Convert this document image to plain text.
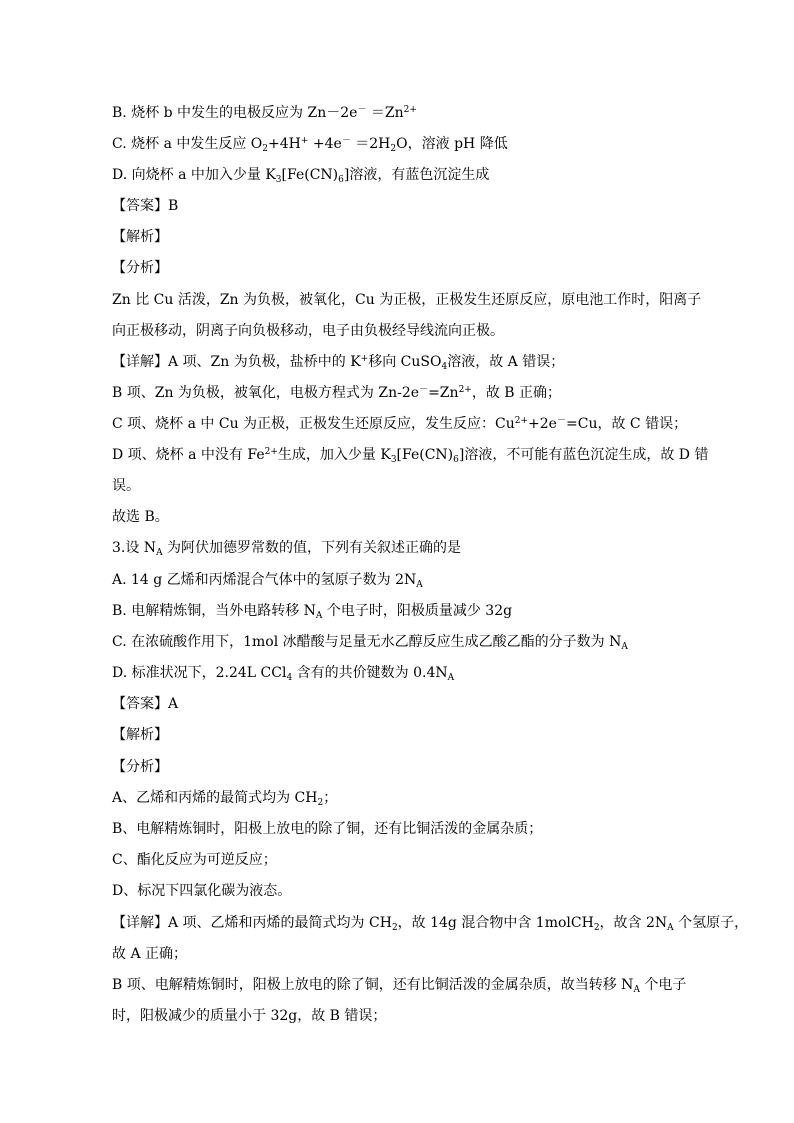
B. 烧杯 b 中发生的电极反应为 $Zn-2e^- =Zn^{2+}$
C. 烧杯 a 中发生反应 $O_2+4H^+ +4e^- =2H_2O$，溶液 pH 降低
D. 向烧杯 a 中加入少量 $K_3[Fe(CN)_6]$溶液，有蓝色沉淀生成
【答案】B
【解析】
【分析】
Zn 比 Cu 活泼，Zn 为负极，被氧化，Cu 为正极，正极发生还原反应，原电池工作时，阳离子
向正极移动，阴离子向负极移动，电子由负极经导线流向正极。
【详解】A 项、Zn 为负极，盐桥中的 K+移向 CuSO$_4$溶液，故 A 错误；
B 项、Zn 为负极，被氧化，电极方程式为 $Zn-2e^-=Zn^{2+}$，故 B 正确；
C 项、烧杯 a 中 Cu 为正极，正极发生还原反应，发生反应：$Cu^{2+}+2e^-=Cu$，故 C 错误；
D 项、烧杯 a 中没有 $Fe^{2+}$生成，加入少量 $K_3[Fe(CN)_6]$溶液，不可能有蓝色沉淀生成，故 D 错
误。
故选 B。
3.设 $N_A$ 为阿伏加德罗常数的值，下列有关叙述正确的是
A. 14 g 乙烯和丙烯混合气体中的氢原子数为 $2N_A$
B. 电解精炼铜，当外电路转移 $N_A$ 个电子时，阳极质量减少 32g
C. 在浓硫酸作用下，1mol 冰醋酸与足量无水乙醇反应生成乙酸乙酯的分子数为 $N_A$
D. 标准状况下，2.24L CCl$_4$ 含有的共价键数为 $0.4N_A$
【答案】A
【解析】
【分析】
A、乙烯和丙烯的最简式均为 $CH_2$；
B、电解精炼铜时，阳极上放电的除了铜，还有比铜活泼的金属杂质；
C、酯化反应为可逆反应；
D、标况下四氯化碳为液态。
【详解】A 项、乙烯和丙烯的最简式均为 $CH_2$，故 14g 混合物中含 1molCH$_2$，故含 $2N_A$ 个氢原子，
故 A 正确；
B 项、电解精炼铜时，阳极上放电的除了铜，还有比铜活泼的金属杂质，故当转移 $N_A$ 个电子
时，阳极减少的质量小于 32g，故 B 错误；
